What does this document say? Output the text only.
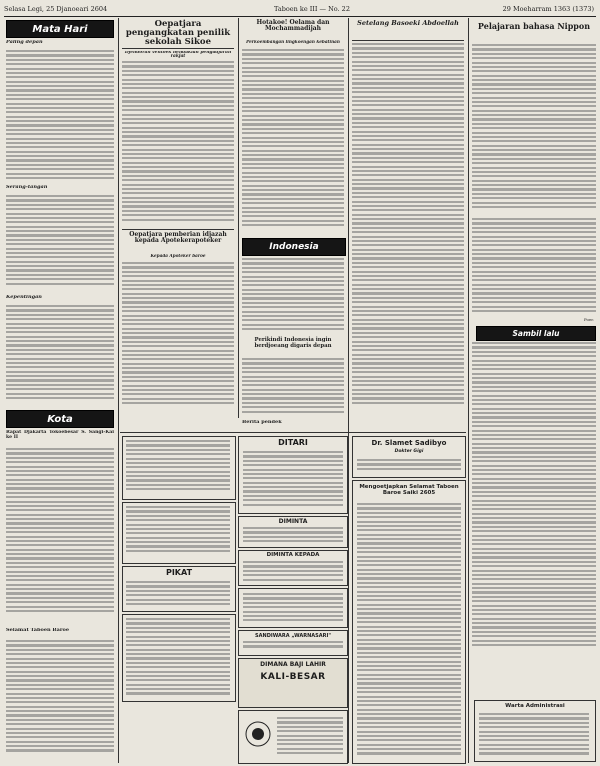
Selasa Legi, 25 Djanoeari 2604	Taboen ke III — No. 22	29 Moeharram 1363 (1373)
Mata Hari
Paling depan
Serang-tangan
Kepentingan
Kota
Rapat Djakarta Tokoebesar S. Sangi-Kai ke II
Selamat Taboen Baroe
Oepatjara pengangkatan penilik sekolah Sikoe
Djendoran ventoek hendaklah pengadjaran rakjat
Oepatjara pemberian idjazah kepada Apotekerapoteker
Kepada Apoteker baroe
Indonesia
Hotakoe! Oelama dan Mochammadijah
Perkoembangan lingkoengan kebatinan
Perikindi Indonesia ingin berdjoeang digaris depan
Berita pendek
Setelang Basoeki Abdoellah	Pelajaran bahasa Nippon
Poer.
Sambil lalu
Warta Administrasi
PIKAT
DITARI
DIMINTA
DIMINTA KEPADA
SANDIWARA „WARNASARI"
DIMANA BAJI LAHIR
KALI-BESAR
Dr. Slamet Sadibyo
Dokter Gigi
Mengoetjapkan Selamat Taboen Baroe Saiki 2605
